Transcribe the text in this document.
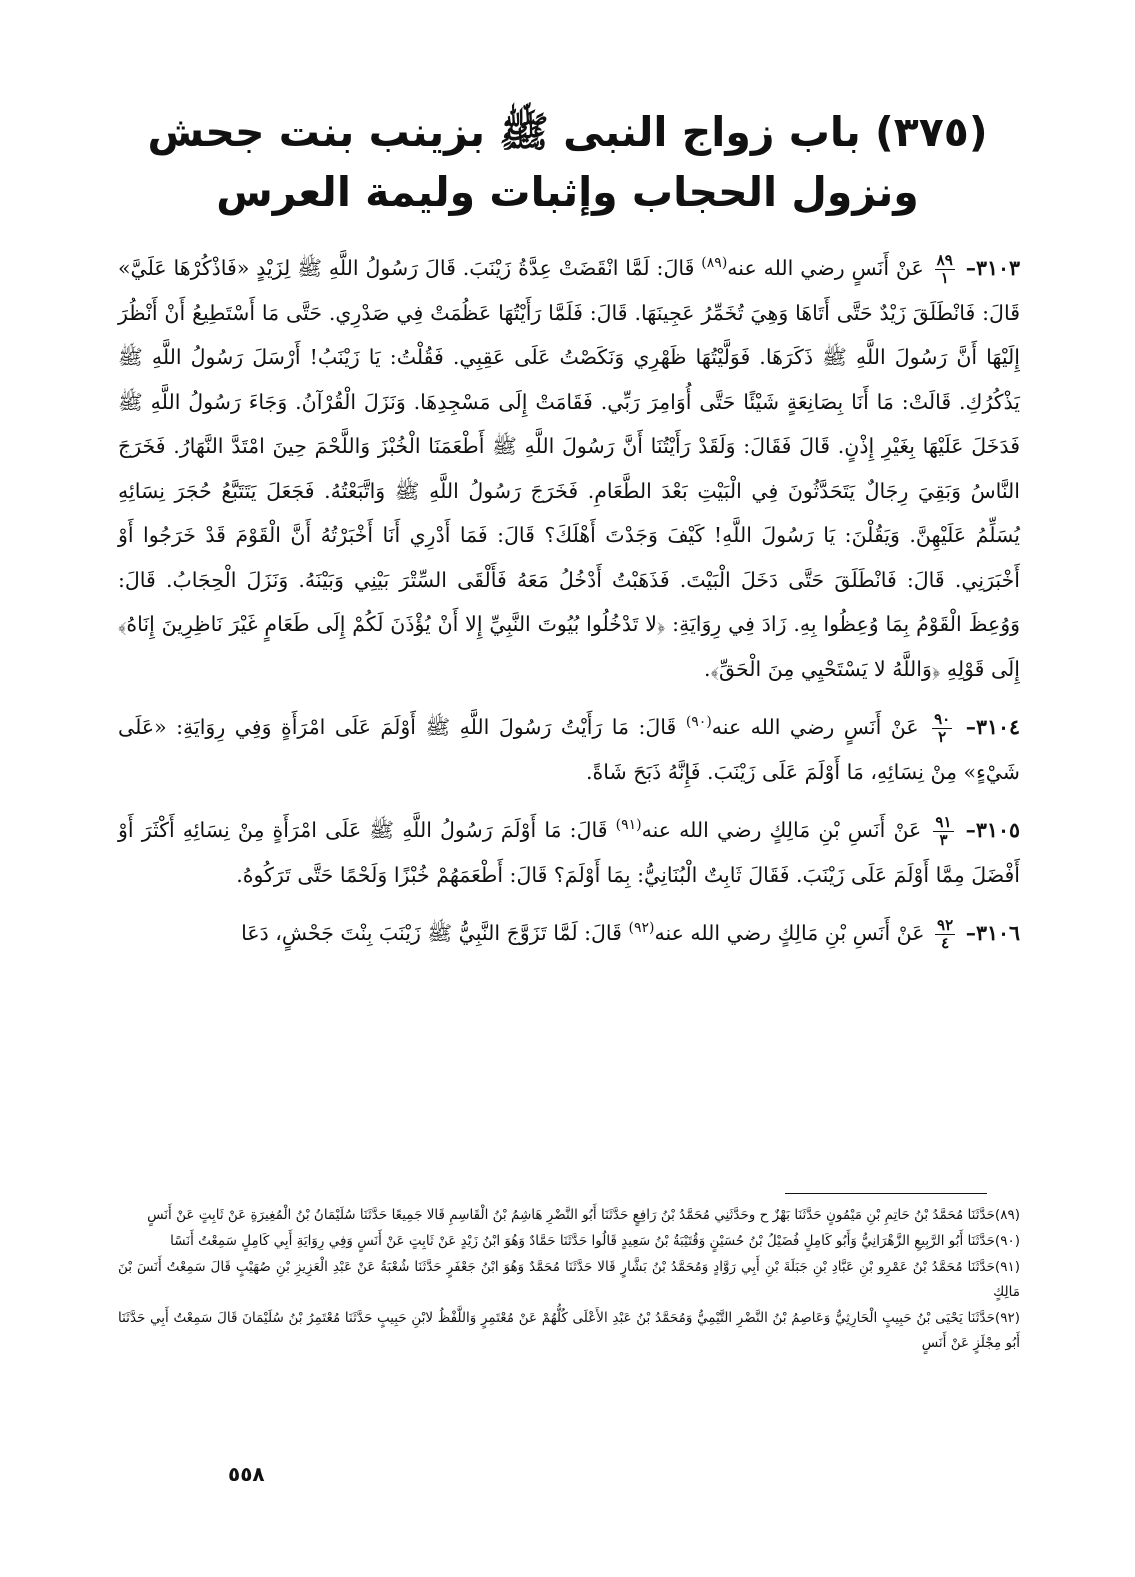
(٣٧٥) باب زواج النبى ﷺ بزينب بنت جحش
ونزول الحجاب وإثبات وليمة العرس

٣١٠٣–
$\frac{٨٩}{١}$
عَنْ أَنَسٍ رضي الله عنه$^{(٨٩)}$ قَالَ: لَمَّا انْقَضَتْ عِدَّةُ زَيْنَبَ. قَالَ رَسُولُ اللَّهِ ﷺ لِزَيْدٍ «فَاذْكُرْهَا عَلَيَّ» قَالَ: فَانْطَلَقَ زَيْدٌ حَتَّى أَتَاهَا وَهِيَ تُخَمِّرُ عَجِينَهَا. قَالَ: فَلَمَّا رَأَيْتُهَا عَظُمَتْ فِي صَدْرِي. حَتَّى مَا أَسْتَطِيعُ أَنْ أَنْظُرَ إِلَيْهَا أَنَّ رَسُولَ اللَّهِ ﷺ ذَكَرَهَا. فَوَلَّيْتُهَا ظَهْرِي وَنَكَصْتُ عَلَى عَقِبِي. فَقُلْتُ: يَا زَيْنَبُ! أَرْسَلَ رَسُولُ اللَّهِ ﷺ يَذْكُرُكِ. قَالَتْ: مَا أَنَا بِصَانِعَةٍ شَيْئًا حَتَّى أُوَامِرَ رَبِّي. فَقَامَتْ إِلَى مَسْجِدِهَا. وَنَزَلَ الْقُرْآنُ. وَجَاءَ رَسُولُ اللَّهِ ﷺ فَدَخَلَ عَلَيْهَا بِغَيْرِ إِذْنٍ. قَالَ فَقَالَ: وَلَقَدْ رَأَيْتُنَا أَنَّ رَسُولَ اللَّهِ ﷺ أَطْعَمَنَا الْخُبْزَ وَاللَّحْمَ حِينَ امْتَدَّ النَّهَارُ. فَخَرَجَ النَّاسُ وَبَقِيَ رِجَالٌ يَتَحَدَّثُونَ فِي الْبَيْتِ بَعْدَ الطَّعَامِ. فَخَرَجَ رَسُولُ اللَّهِ ﷺ وَاتَّبَعْتُهُ. فَجَعَلَ يَتَتَبَّعُ حُجَرَ نِسَائِهِ يُسَلِّمُ عَلَيْهِنَّ. وَيَقُلْنَ: يَا رَسُولَ اللَّهِ! كَيْفَ وَجَدْتَ أَهْلَكَ؟ قَالَ: فَمَا أَدْرِي أَنَا أَخْبَرْتُهُ أَنَّ الْقَوْمَ قَدْ خَرَجُوا أَوْ أَخْبَرَنِي. قَالَ: فَانْطَلَقَ حَتَّى دَخَلَ الْبَيْتَ. فَذَهَبْتُ أَدْخُلُ مَعَهُ فَأَلْقَى السِّتْرَ بَيْنِي وَبَيْنَهُ. وَنَزَلَ الْحِجَابُ. قَالَ: وَوُعِظَ الْقَوْمُ بِمَا وُعِظُوا بِهِ. زَادَ فِي رِوَايَةِ: ﴿لا تَدْخُلُوا بُيُوتَ النَّبِيِّ إِلا أَنْ يُؤْذَنَ لَكُمْ إِلَى طَعَامٍ غَيْرَ نَاظِرِينَ إِنَاهُ﴾ إِلَى قَوْلِهِ ﴿وَاللَّهُ لا يَسْتَحْيِي مِنَ الْحَقِّ﴾.

٣١٠٤–
$\frac{٩٠}{٢}$
عَنْ أَنَسٍ رضي الله عنه$^{(٩٠)}$ قَالَ: مَا رَأَيْتُ رَسُولَ اللَّهِ ﷺ أَوْلَمَ عَلَى امْرَأَةٍ وَفِي رِوَايَةِ: «عَلَى شَيْءٍ» مِنْ نِسَائِهِ، مَا أَوْلَمَ عَلَى زَيْنَبَ. فَإِنَّهُ ذَبَحَ شَاةً.

٣١٠٥–
$\frac{٩١}{٣}$
عَنْ أَنَسِ بْنِ مَالِكٍ رضي الله عنه$^{(٩١)}$ قَالَ: مَا أَوْلَمَ رَسُولُ اللَّهِ ﷺ عَلَى امْرَأَةٍ مِنْ نِسَائِهِ أَكْثَرَ أَوْ أَفْضَلَ مِمَّا أَوْلَمَ عَلَى زَيْنَبَ. فَقَالَ ثَابِتٌ الْبُنَانِيُّ: بِمَا أَوْلَمَ؟ قَالَ: أَطْعَمَهُمْ خُبْزًا وَلَحْمًا حَتَّى تَرَكُوهُ.

٣١٠٦–
$\frac{٩٢}{٤}$
عَنْ أَنَسِ بْنِ مَالِكٍ رضي الله عنه$^{(٩٢)}$ قَالَ: لَمَّا تَزَوَّجَ النَّبِيُّ ﷺ زَيْنَبَ بِنْتَ جَحْشٍ، دَعَا

(٨٩)حَدَّثَنَا مُحَمَّدُ بْنُ حَاتِمِ بْنِ مَيْمُونٍ حَدَّثَنَا بَهْزٌ ح وحَدَّثَنِي مُحَمَّدُ بْنُ رَافِعٍ حَدَّثَنَا أَبُو النَّضْرِ هَاشِمُ بْنُ الْقَاسِمِ قَالا جَمِيعًا حَدَّثَنَا سُلَيْمَانُ بْنُ الْمُغِيرَةِ عَنْ ثَابِتٍ عَنْ أَنَسٍ

(٩٠)حَدَّثَنَا أَبُو الرَّبِيعِ الزَّهْرَانِيُّ وَأَبُو كَامِلٍ فُضَيْلُ بْنُ حُسَيْنٍ وَقُتَيْبَةُ بْنُ سَعِيدٍ قَالُوا حَدَّثَنَا حَمَّادٌ وَهُوَ ابْنُ زَيْدٍ عَنْ ثَابِتٍ عَنْ أَنَسٍ وَفِي رِوَايَةِ أَبِي كَامِلٍ سَمِعْتُ أَنَسًا

(٩١)حَدَّثَنَا مُحَمَّدُ بْنُ عَمْرِو بْنِ عَبَّادِ بْنِ جَبَلَةَ بْنِ أَبِي رَوَّادٍ وَمُحَمَّدُ بْنُ بَشَّارٍ قَالا حَدَّثَنَا مُحَمَّدٌ وَهُوَ ابْنُ جَعْفَرٍ حَدَّثَنَا شُعْبَةُ عَنْ عَبْدِ الْعَزِيزِ بْنِ صُهَيْبٍ قَالَ سَمِعْتُ أَنَسَ بْنَ مَالِكٍ

(٩٢)حَدَّثَنَا يَحْيَى بْنُ حَبِيبٍ الْحَارِثِيُّ وَعَاصِمُ بْنُ النَّضْرِ التَّيْمِيُّ وَمُحَمَّدُ بْنُ عَبْدِ الأَعْلَى كُلُّهُمْ عَنْ مُعْتَمِرٍ وَاللَّفْظُ لابْنِ حَبِيبٍ حَدَّثَنَا مُعْتَمِرُ بْنُ سُلَيْمَانَ قَالَ سَمِعْتُ أَبِي حَدَّثَنَا أَبُو مِجْلَزٍ عَنْ أَنَسٍ

٥٥٨
